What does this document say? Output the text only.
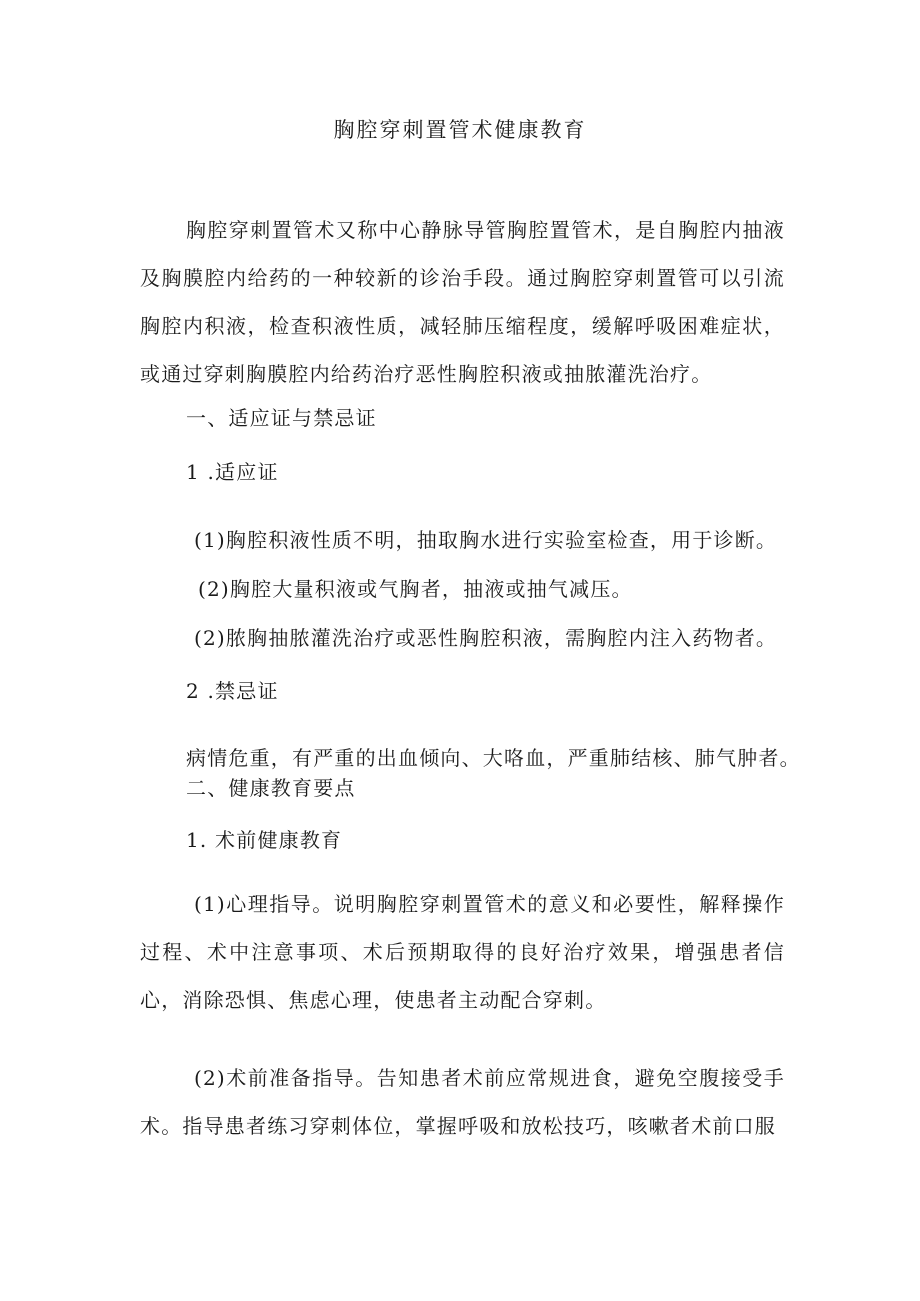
胸腔穿刺置管术健康教育

胸腔穿刺置管术又称中心静脉导管胸腔置管术，是自胸腔内抽液及胸膜腔内给药的一种较新的诊治手段。通过胸腔穿刺置管可以引流胸腔内积液，检查积液性质，减轻肺压缩程度，缓解呼吸困难症状，或通过穿刺胸膜腔内给药治疗恶性胸腔积液或抽脓灌洗治疗。

一、适应证与禁忌证

1 .适应证

(1)胸腔积液性质不明，抽取胸水进行实验室检查，用于诊断。

(2)胸腔大量积液或气胸者，抽液或抽气减压。

(2)脓胸抽脓灌洗治疗或恶性胸腔积液，需胸腔内注入药物者。

2 .禁忌证

病情危重，有严重的出血倾向、大咯血，严重肺结核、肺气肿者。

二、健康教育要点

1. 术前健康教育

(1)心理指导。说明胸腔穿刺置管术的意义和必要性，解释操作过程、术中注意事项、术后预期取得的良好治疗效果，增强患者信心，消除恐惧、焦虑心理，使患者主动配合穿刺。

(2)术前准备指导。告知患者术前应常规进食，避免空腹接受手术。指导患者练习穿刺体位，掌握呼吸和放松技巧，咳嗽者术前口服
